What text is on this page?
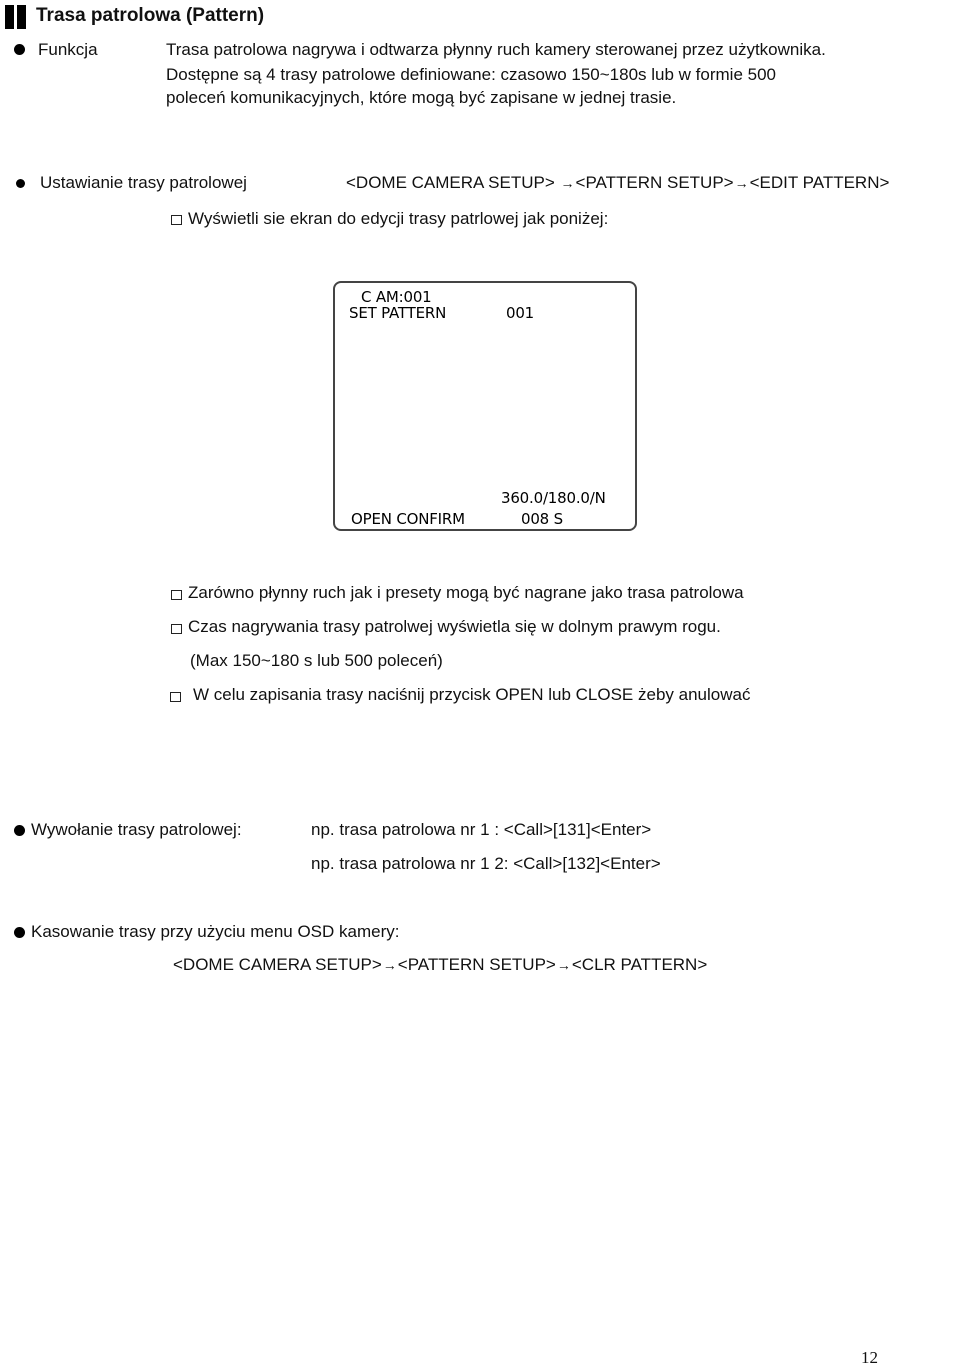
Trasa patrolowa (Pattern)
Funkcja	Trasa patrolowa nagrywa i odtwarza płynny ruch kamery sterowanej przez użytkownika.
Dostępne są 4 trasy patrolowe definiowane: czasowo 150~180s lub w formie 500
poleceń komunikacyjnych, które mogą być zapisane w jednej trasie.
Ustawianie trasy patrolowej	<DOME CAMERA SETUP> →<PATTERN SETUP>→<EDIT PATTERN>
Wyświetli sie ekran do edycji trasy patrlowej jak poniżej:
C AM:001
SET PATTERN	001
360.0/180.0/N
OPEN CONFIRM	008 S
Zarówno płynny ruch jak i presety mogą być nagrane jako trasa patrolowa
Czas nagrywania trasy patrolwej wyświetla się w dolnym prawym rogu.
(Max 150~180 s lub 500 poleceń)
W celu zapisania trasy naciśnij przycisk OPEN lub CLOSE żeby anulować
Wywołanie trasy patrolowej:	np. trasa patrolowa nr 1 : <Call>[131]<Enter>
np. trasa patrolowa nr 1 2: <Call>[132]<Enter>
Kasowanie trasy przy użyciu menu OSD kamery:
<DOME CAMERA SETUP>→<PATTERN SETUP>→<CLR PATTERN>
12
